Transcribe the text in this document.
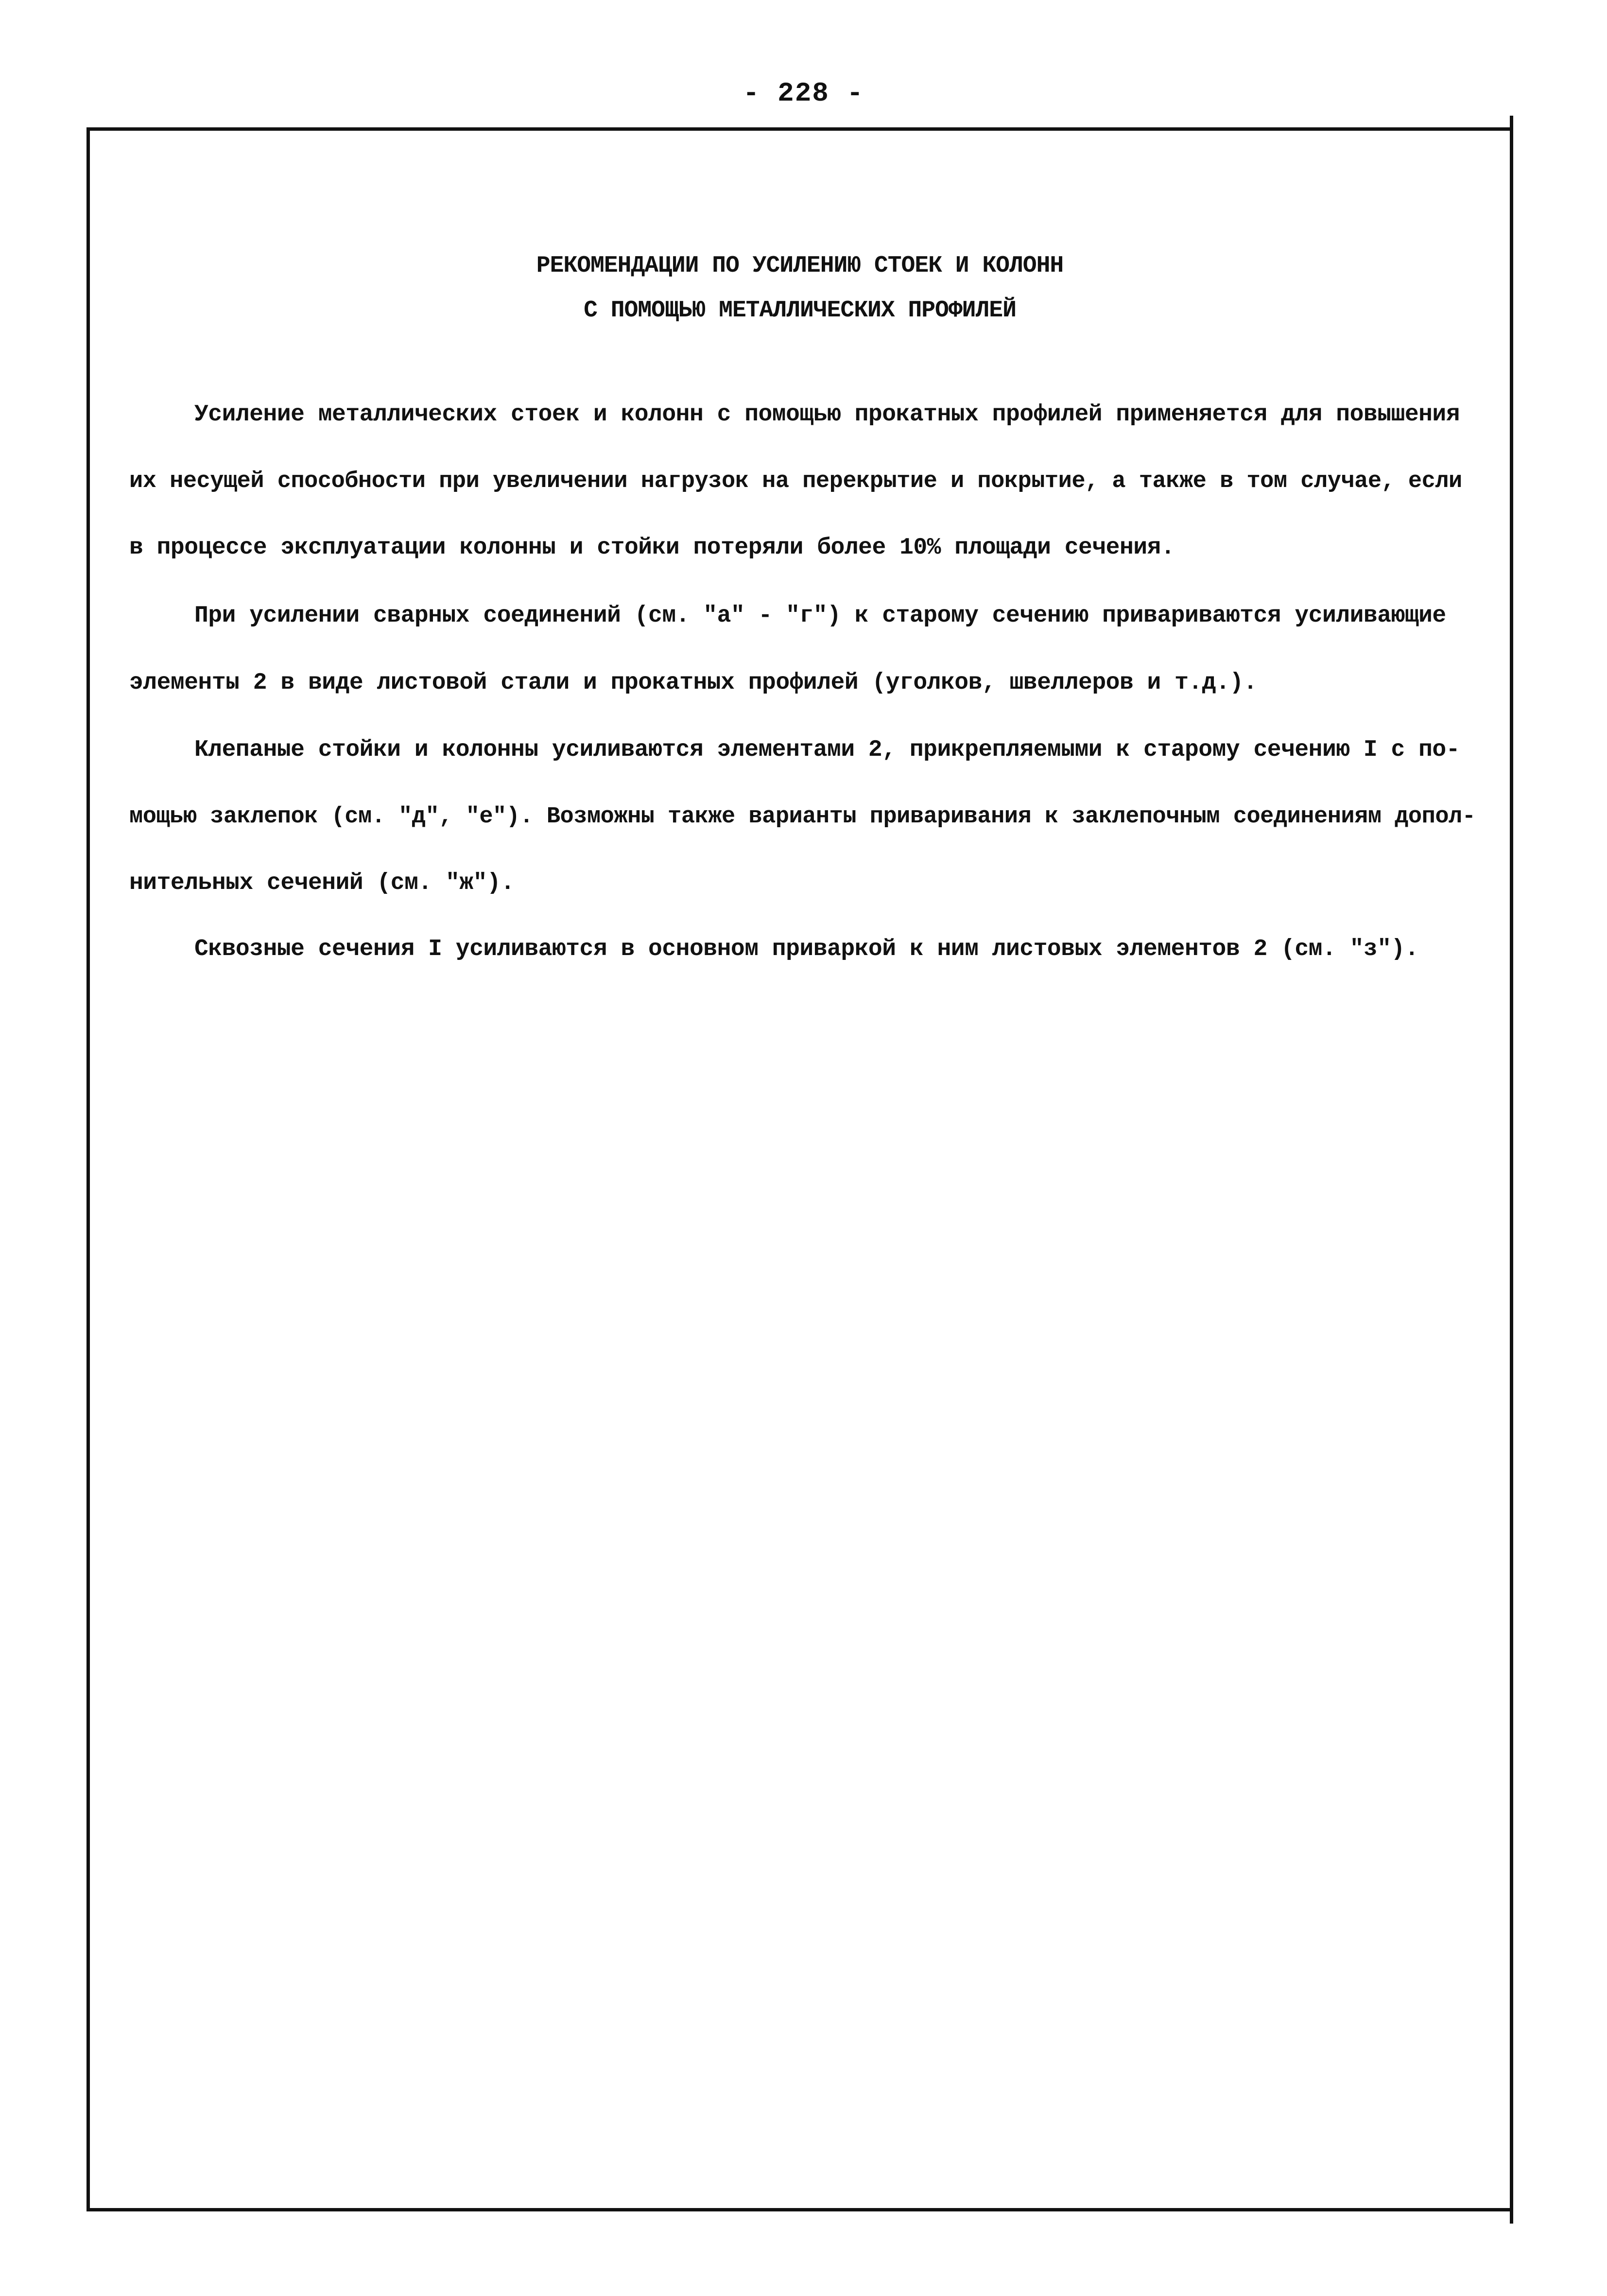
- 228 -
РЕКОМЕНДАЦИИ ПО УСИЛЕНИЮ СТОЕК И КОЛОНН
С ПОМОЩЬЮ МЕТАЛЛИЧЕСКИХ ПРОФИЛЕЙ
Усиление металлических стоек и колонн с помощью прокатных профилей применяется для повышения
их несущей способности при увеличении нагрузок на перекрытие и покрытие, а также в том случае, если
в процессе эксплуатации колонны и стойки потеряли более 10% площади сечения.
При усилении сварных соединений (см. "а" - "г") к старому сечению привариваются усиливающие
элементы 2 в виде листовой стали и прокатных профилей (уголков, швеллеров и т.д.).
Клепаные стойки и колонны усиливаются элементами 2, прикрепляемыми к старому сечению I с по-
мощью заклепок (см. "д", "е"). Возможны также варианты приваривания к заклепочным соединениям допол-
нительных сечений (см. "ж").
Сквозные сечения I усиливаются в основном приваркой к ним листовых элементов 2 (см. "з").
